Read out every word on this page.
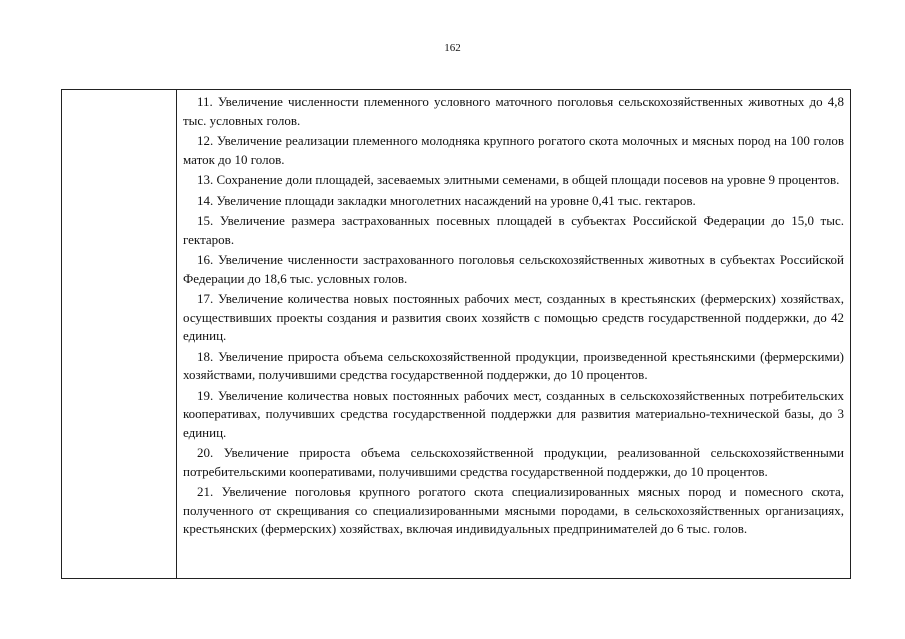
162

11. Увеличение численности племенного условного маточного поголовья сельскохозяйственных животных до 4,8 тыс. условных голов.

12. Увеличение реализации племенного молодняка крупного рогатого скота молочных и мясных пород на 100 голов маток до 10 голов.

13. Сохранение доли площадей, засеваемых элитными семенами, в общей площади посевов на уровне 9 процентов.

14. Увеличение площади закладки многолетних насаждений на уровне 0,41 тыс. гектаров.

15. Увеличение размера застрахованных посевных площадей в субъектах Российской Федерации до 15,0 тыс. гектаров.

16. Увеличение численности застрахованного поголовья сельскохозяйственных животных в субъектах Российской Федерации до 18,6 тыс. условных голов.

17. Увеличение количества новых постоянных рабочих мест, созданных в крестьянских (фермерских) хозяйствах, осуществивших проекты создания и развития своих хозяйств с помощью средств государственной поддержки, до 42 единиц.

18. Увеличение прироста объема сельскохозяйственной продукции, произведенной крестьянскими (фермерскими) хозяйствами, получившими средства государственной поддержки, до 10 процентов.

19. Увеличение количества новых постоянных рабочих мест, созданных в сельскохозяйственных потребительских кооперативах, получивших средства государственной поддержки для развития материально-технической базы, до 3 единиц.

20. Увеличение прироста объема сельскохозяйственной продукции, реализованной сельскохозяйственными потребительскими кооперативами, получившими средства государственной поддержки, до 10 процентов.

21. Увеличение поголовья крупного рогатого скота специализированных мясных пород и помесного скота, полученного от скрещивания со специализированными мясными породами, в сельскохозяйственных организациях, крестьянских (фермерских) хозяйствах, включая индивидуальных предпринимателей до 6 тыс. голов.
